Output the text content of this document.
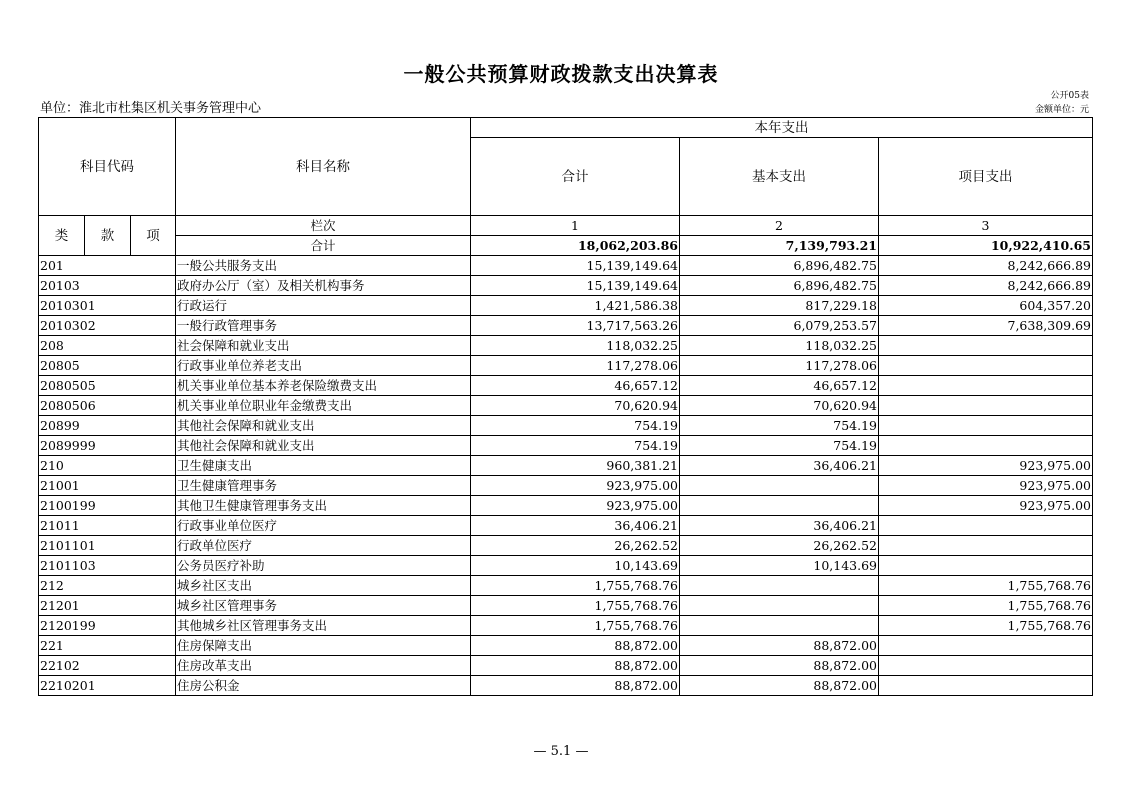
一般公共预算财政拨款支出决算表
单位：淮北市杜集区机关事务管理中心
公开05表
金额单位：元
科目代码			科目名称	本年支出		
				合计	基本支出	项目支出
类	款	项	栏次	1	2	3
			合计	18,062,203.86	7,139,793.21	10,922,410.65
201			一般公共服务支出	15,139,149.64	6,896,482.75	8,242,666.89
20103			政府办公厅（室）及相关机构事务	15,139,149.64	6,896,482.75	8,242,666.89
2010301			行政运行	1,421,586.38	817,229.18	604,357.20
2010302			一般行政管理事务	13,717,563.26	6,079,253.57	7,638,309.69
208			社会保障和就业支出	118,032.25	118,032.25	
20805			行政事业单位养老支出	117,278.06	117,278.06	
2080505			机关事业单位基本养老保险缴费支出	46,657.12	46,657.12	
2080506			机关事业单位职业年金缴费支出	70,620.94	70,620.94	
20899			其他社会保障和就业支出	754.19	754.19	
2089999			其他社会保障和就业支出	754.19	754.19	
210			卫生健康支出	960,381.21	36,406.21	923,975.00
21001			卫生健康管理事务	923,975.00		923,975.00
2100199			其他卫生健康管理事务支出	923,975.00		923,975.00
21011			行政事业单位医疗	36,406.21	36,406.21	
2101101			行政单位医疗	26,262.52	26,262.52	
2101103			公务员医疗补助	10,143.69	10,143.69	
212			城乡社区支出	1,755,768.76		1,755,768.76
21201			城乡社区管理事务	1,755,768.76		1,755,768.76
2120199			其他城乡社区管理事务支出	1,755,768.76		1,755,768.76
221			住房保障支出	88,872.00	88,872.00	
22102			住房改革支出	88,872.00	88,872.00	
2210201			住房公积金	88,872.00	88,872.00	
— 5.1 —
